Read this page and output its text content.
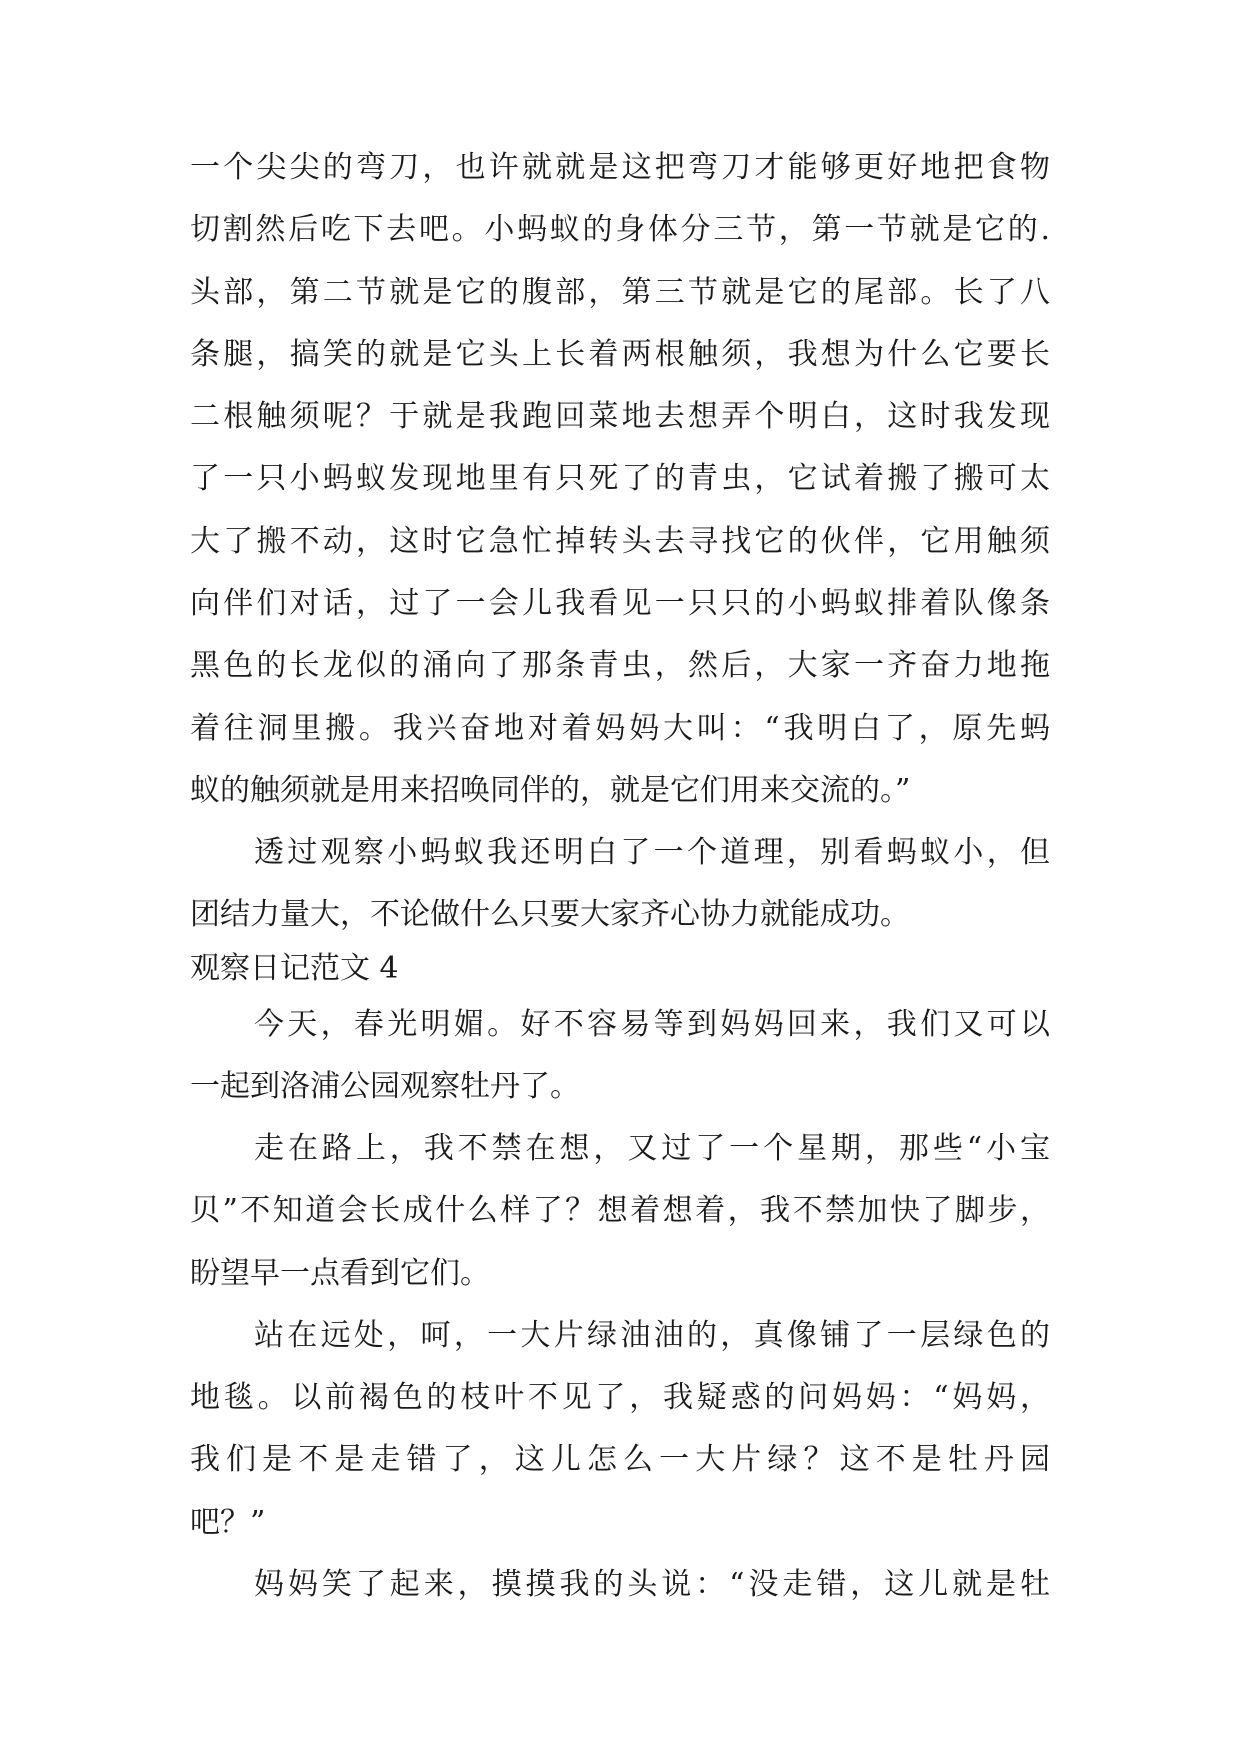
一个尖尖的弯刀，也许就就是这把弯刀才能够更好地把食物
切割然后吃下去吧。小蚂蚁的身体分三节，第一节就是它的.
头部，第二节就是它的腹部，第三节就是它的尾部。长了八
条腿，搞笑的就是它头上长着两根触须，我想为什么它要长
二根触须呢？于就是我跑回菜地去想弄个明白，这时我发现
了一只小蚂蚁发现地里有只死了的青虫，它试着搬了搬可太
大了搬不动，这时它急忙掉转头去寻找它的伙伴，它用触须
向伴们对话，过了一会儿我看见一只只的小蚂蚁排着队像条
黑色的长龙似的涌向了那条青虫，然后，大家一齐奋力地拖
着往洞里搬。我兴奋地对着妈妈大叫：“我明白了，原先蚂
蚁的触须就是用来招唤同伴的，就是它们用来交流的。”
透过观察小蚂蚁我还明白了一个道理，别看蚂蚁小，但
团结力量大，不论做什么只要大家齐心协力就能成功。
观察日记范文 4
今天，春光明媚。好不容易等到妈妈回来，我们又可以
一起到洛浦公园观察牡丹了。
走在路上，我不禁在想，又过了一个星期，那些“小宝
贝”不知道会长成什么样了？想着想着，我不禁加快了脚步，
盼望早一点看到它们。
站在远处，呵，一大片绿油油的，真像铺了一层绿色的
地毯。以前褐色的枝叶不见了，我疑惑的问妈妈：“妈妈，
我们是不是走错了，这儿怎么一大片绿？这不是牡丹园
吧？”
妈妈笑了起来，摸摸我的头说：“没走错，这儿就是牡
